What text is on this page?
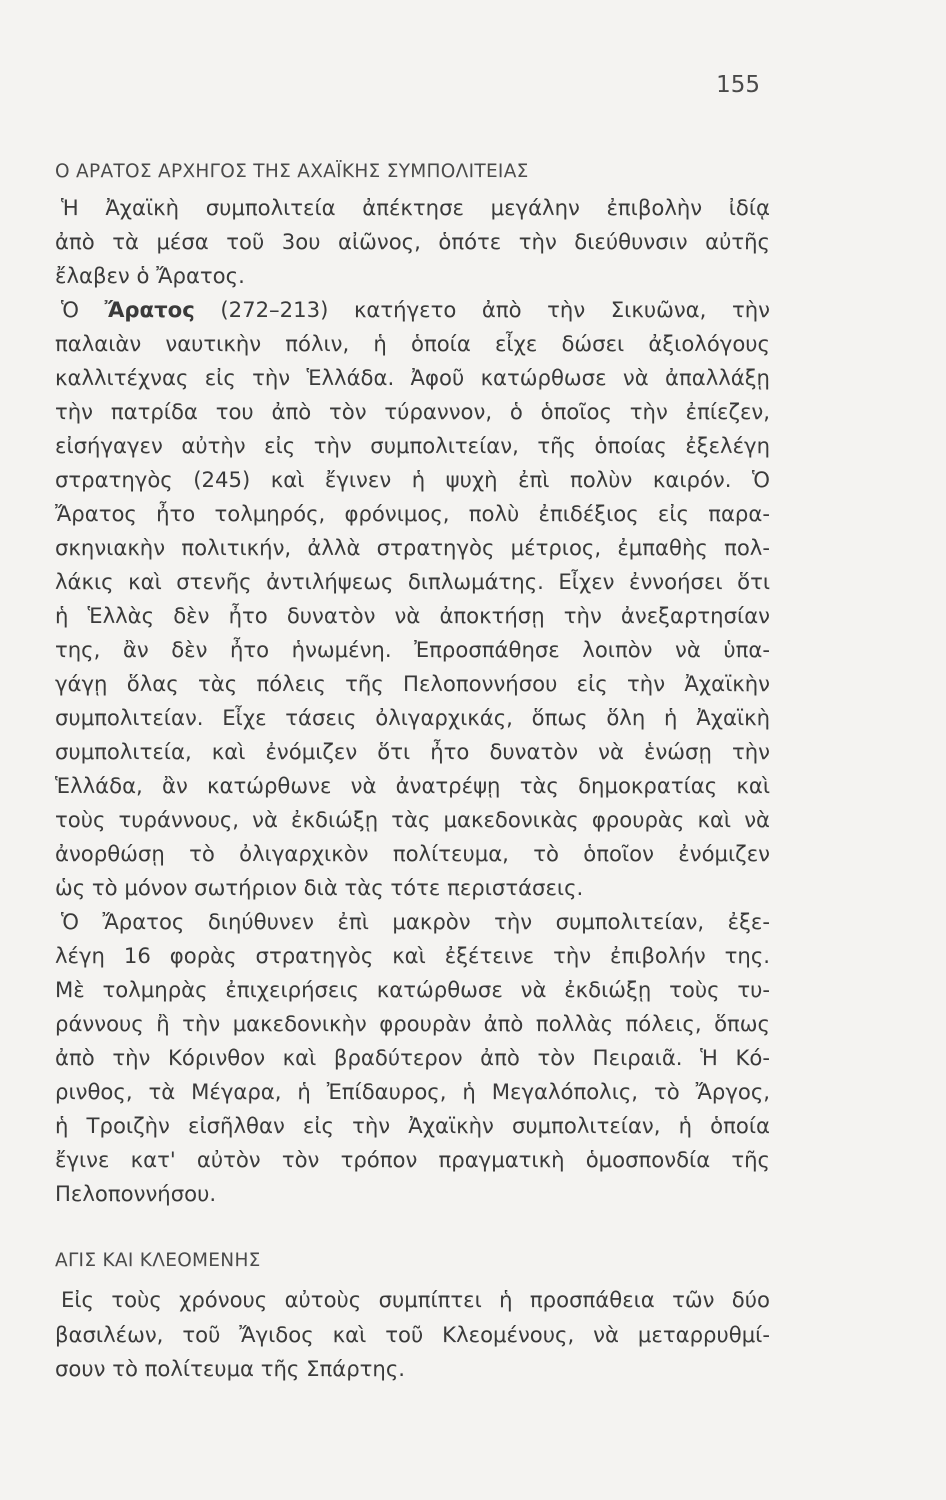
155
Ο ΑΡΑΤΟΣ ΑΡΧΗΓΟΣ ΤΗΣ ΑΧΑΪΚΗΣ ΣΥΜΠΟΛΙΤΕΙΑΣ
Ἡ Ἀχαϊκὴ συμπολιτεία ἀπέκτησε μεγάλην ἐπιβολὴν ἰδίᾳ
ἀπὸ τὰ μέσα τοῦ 3ου αἰῶνος, ὁπότε τὴν διεύθυνσιν αὐτῆς
ἔλαβεν ὁ Ἄρατος.
Ὁ Ἄρατος (272–213) κατήγετο ἀπὸ τὴν Σικυῶνα, τὴν
παλαιὰν ναυτικὴν πόλιν, ἡ ὁποία εἶχε δώσει ἀξιολόγους
καλλιτέχνας εἰς τὴν Ἑλλάδα. Ἀφοῦ κατώρθωσε νὰ ἀπαλλάξῃ
τὴν πατρίδα του ἀπὸ τὸν τύραννον, ὁ ὁποῖος τὴν ἐπίεζεν,
εἰσήγαγεν αὐτὴν εἰς τὴν συμπολιτείαν, τῆς ὁποίας ἐξελέγη
στρατηγὸς (245) καὶ ἔγινεν ἡ ψυχὴ ἐπὶ πολὺν καιρόν. Ὁ
Ἄρατος ἦτο τολμηρός, φρόνιμος, πολὺ ἐπιδέξιος εἰς παρα-
σκηνιακὴν πολιτικήν, ἀλλὰ στρατηγὸς μέτριος, ἐμπαθὴς πολ-
λάκις καὶ στενῆς ἀντιλήψεως διπλωμάτης. Εἶχεν ἐννοήσει ὅτι
ἡ Ἑλλὰς δὲν ἦτο δυνατὸν νὰ ἀποκτήσῃ τὴν ἀνεξαρτησίαν
της, ἂν δὲν ἦτο ἡνωμένη. Ἐπροσπάθησε λοιπὸν νὰ ὑπα-
γάγῃ ὅλας τὰς πόλεις τῆς Πελοποννήσου εἰς τὴν Ἀχαϊκὴν
συμπολιτείαν. Εἶχε τάσεις ὀλιγαρχικάς, ὅπως ὅλη ἡ Ἀχαϊκὴ
συμπολιτεία, καὶ ἐνόμιζεν ὅτι ἦτο δυνατὸν νὰ ἑνώσῃ τὴν
Ἑλλάδα, ἂν κατώρθωνε νὰ ἀνατρέψῃ τὰς δημοκρατίας καὶ
τοὺς τυράννους, νὰ ἐκδιώξῃ τὰς μακεδονικὰς φρουρὰς καὶ νὰ
ἀνορθώσῃ τὸ ὀλιγαρχικὸν πολίτευμα, τὸ ὁποῖον ἐνόμιζεν
ὡς τὸ μόνον σωτήριον διὰ τὰς τότε περιστάσεις.
Ὁ Ἄρατος διηύθυνεν ἐπὶ μακρὸν τὴν συμπολιτείαν, ἐξε-
λέγη 16 φορὰς στρατηγὸς καὶ ἐξέτεινε τὴν ἐπιβολήν της.
Μὲ τολμηρὰς ἐπιχειρήσεις κατώρθωσε νὰ ἐκδιώξῃ τοὺς τυ-
ράννους ἢ τὴν μακεδονικὴν φρουρὰν ἀπὸ πολλὰς πόλεις, ὅπως
ἀπὸ τὴν Κόρινθον καὶ βραδύτερον ἀπὸ τὸν Πειραιᾶ. Ἡ Κό-
ρινθος, τὰ Μέγαρα, ἡ Ἐπίδαυρος, ἡ Μεγαλόπολις, τὸ Ἄργος,
ἡ Τροιζὴν εἰσῆλθαν εἰς τὴν Ἀχαϊκὴν συμπολιτείαν, ἡ ὁποία
ἔγινε κατ' αὐτὸν τὸν τρόπον πραγματικὴ ὁμοσπονδία τῆς
Πελοποννήσου.
ΑΓΙΣ ΚΑΙ ΚΛΕΟΜΕΝΗΣ
Εἰς τοὺς χρόνους αὐτοὺς συμπίπτει ἡ προσπάθεια τῶν δύο
βασιλέων, τοῦ Ἄγιδος καὶ τοῦ Κλεομένους, νὰ μεταρρυθμί-
σουν τὸ πολίτευμα τῆς Σπάρτης.
